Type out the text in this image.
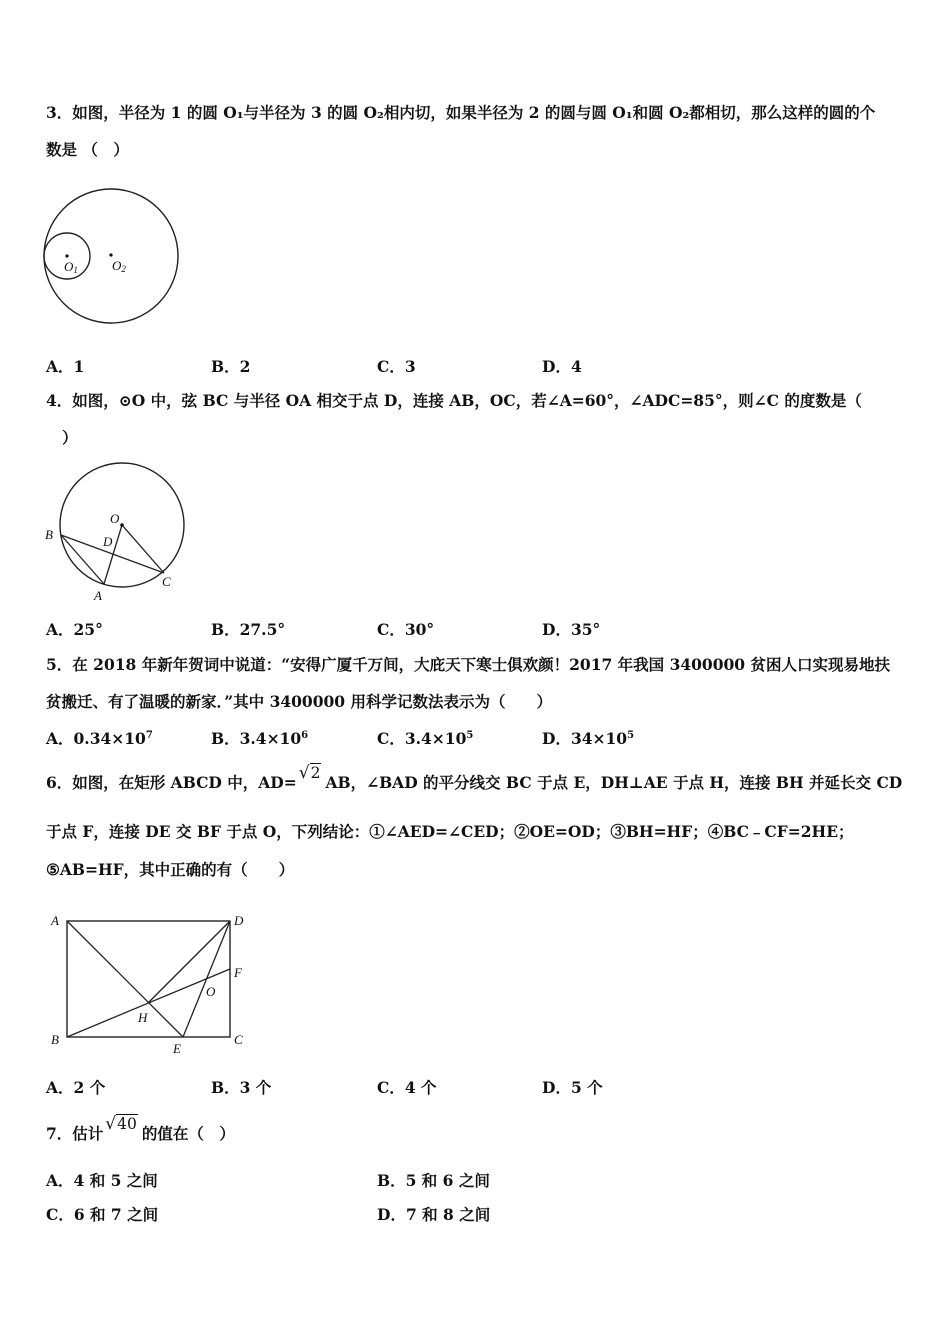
3．如图，半径为 1 的圆 O₁与半径为 3 的圆 O₂相内切，如果半径为 2 的圆与圆 O₁和圆 O₂都相切，那么这样的圆的个
数是 （　）
O1	O2
A．1	B．2	C．3	D．4
4．如图，⊙O 中，弦 BC 与半径 OA 相交于点 D，连接 AB，OC，若∠A=60°，∠ADC=85°，则∠C 的度数是（
）
O
B	D
A
C
A．25°	B．27.5°	C．30°	D．35°
5．在 2018 年新年贺词中说道：“安得广厦千万间，大庇天下寒士俱欢颜！2017 年我国 3400000 贫困人口实现易地扶
贫搬迁、有了温暖的新家．”其中 3400000 用科学记数法表示为（　　）
A．$0.34\times 10^7$	B．$3.4\times 10^6$	C．$3.4\times 10^5$	D．$34\times 10^5$
6．如图，在矩形 ABCD 中，AD= √2 AB，∠BAD 的平分线交 BC 于点 E，DH⊥AE 于点 H，连接 BH 并延长交 CD
于点 F，连接 DE 交 BF 于点 O，下列结论：①∠AED=∠CED；②OE=OD；③BH=HF；④BC﹣CF=2HE；
⑤AB=HF，其中正确的有（　　）
A	D
F
O
H
B
E
C
A．2 个	B．3 个	C．4 个	D．5 个
7．估计 √40 的值在（　）
A．4 和 5 之间	B．5 和 6 之间
C．6 和 7 之间	D．7 和 8 之间
